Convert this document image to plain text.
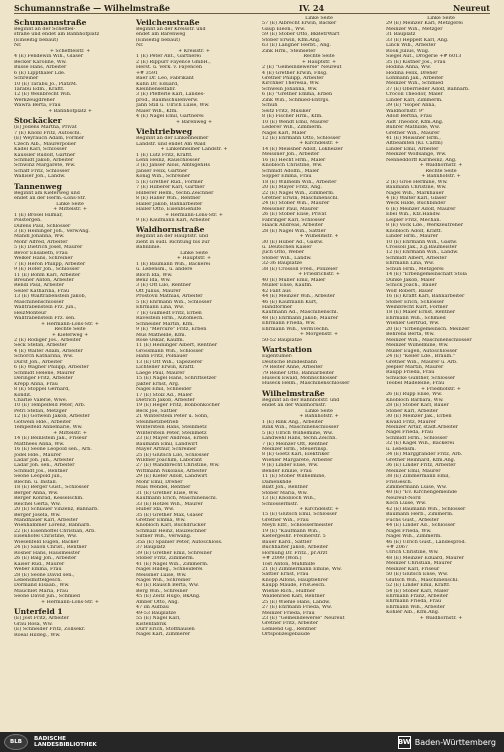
Schumannstraße — Wilhelmstraße	IV. 24	Neureut
Schumannstraße
Beginnt an der Schefflel-
straße und endet am Bahnhofplatz
(Einseitig bebaut)
Nr.
+ Schefflelstr. +
4 (E) Fendewin Wih., Glaser
Becker Karoline, Ww.
Busse Hans, Arbeiter
6 (E) Lippthaler Lde.
Schreiner
10 (E) Tarabu Jo., PlatzM.
Tarabu Edm., Kraftf.
12 (E) Weinbrecht Wih.
Werkzeugdreher
Wawra Berta, Frau
+ Bahnhofplatz +
Stockäcker
(E) Jodens Martha, Privat
7 (E) Knobl Fritz, Autoschl.
(E) Weyrauch Adam, Former
Czech Alb., Maurerpolier
Kadel Karl, Schlosser
Kaussler Rudolf, Gärtner
Schmidt Jakob, Arbeiter
Schwinz Margarete, Ww.
Schaff Fritz, Schlosser
Walliser Joh., Landw.
Tannenweg
Beginnt am Kieferweg und
endet an der Herm.-Löns-Str.
Linke Seite
+ Mittelstr. +
1 (E) Brösel Hilmar,
Polstergeh.
Dufens Paul, Schlosser
3 (E) Heininger Joh., VerwAng.
Mandl Johanna, Ww.
Mohr Alfred, Arbeiter
5 (E) Dietrich Josef, Maurer
Bevor Elisabeth, Frau
Welker Hans, Schreiner
7 (E) Heron Philipp, Arbeiter
9 (E) Hofer Joh., Schlosser
11 (E) Böhm Karl, Arbeiter
Breuner Anton, Arbeiter
Rendl Paul, Arbeiter
Seiler Katharina, Frau
13 (E) Walltrabenstein Jakob,
Maschinenschlosser
Walltrabenstein Frz. jun.,
HeizMonteur
Walltrabenstein Frz. sen.
+ Hermann-Löns-Str. +
Rechte Seite
+ Kieferweg +
2 (E) Rödiger Jos., Arbeiter
Seck Stefan, Arbeiter
4 (E) Walter Adam, Arbeiter
Schorch Katharina, Ww.
Durst Joh., Arbeiter
6 (E) Wagner Philipp, Arbeiter
Schmidt Helene, Maurer
Deringer Fritz, Arbeiter
Krepp Anna, Frau
8 (E) Stoppel Gerhard,
Kondit.
Charlie Valerie, Wwe.
10 (E) Tempelfeld Peter, Arb.
Petri Stefan, Metzger
12 (E) Gotwein Jakob, Arbeiter
Gotwein Hde., Arbeiter
Tempelfeld Annemarie, Ww.
+ Mittelstr. +
14 (E) Beinlstein Jak., Friseur
Matthees Anna, Ww.
16 (E) Seone Leopold sen., Arb.
Jodel Hde., Maurer
Ladar Joh. jun., Arbeiter
Ladar Joh. sen., Arbeiter
Schmidt Jos., Rentner
Seone Leopold jun.,
Blechn. u. Install.
18 (E) Berger Gust., Schlosser
Berger Anna, Ww.
Berger Konrad, Kesselschm.
Reichel Gerta, Ww.
20 (E) Schlauer Vinzenz, Bahnarb.
Berger Josefa, Ww.
Mandhauer Karl, Arbeiter
Wienhammer Lorenz, Bahnarb.
22 (E) Eisenhoffel Christian, Arb.
Eisenhöfel Christine, Ww.
Wiesenfeld Eugen, Bäcker
24 (E) Saxon Christ., Rentner
Rosner Hans, Hausmeister
26 (E) Balg Joh., Arbeiter
Kaiser Rud., Maurer
Weber Emma, Frau
28 (E) Seone David sen.,
Lebensmittelgesch.
Dormand Elsaab., Ww.
Mauchlet Maria, Frau
Seone David jun., Schmied
+ Hermann-Löns-Str. +
Unterfeld 1
(E) Jost Fritz, Arbeiter
Grau Rosa, Ww.
(E) Schneider Fritz, Zollsekr.
Roeal Hildeg., Ww.
Veilchenstraße
Beginnt an der Kreisstr. und
endet am Bärenweg
(Einseitig bebaut)
Nr.
+ Kreisstr. +
1 (E) Peter Ant., Gärtnerei
2 (E) Rippurr Fayence GmbH.,
Herst. u. Verk. v. Fayencen
+# 3591
Baer Dr. Leo, Fabrikant
Kuhn Dr. Eduard,
Kleinhenselfabr.
3 (E) Pfefferle Karl, Landes-
prod., Baumschulenverw.
Jahn Still u. Ulrich Luise, Ww.
Maier Wih., Kfm.
4 (E) Nagel Emil, Gärtnerei
+ Bärenweg +
Viehtriebweg
Beginnt an der Linkenheimer
Landstr. und endet Am Wald
+ Linkenheimer Landstr. +
1 (E) Lutz Fritz, Kraftf.
Lehn Heinz, Rauschlosser
3 (E) Janser Alois, AmtsgehHs
Janser Felix, Gärtner
König Wih., Schreiner
5 (E) Grether Rud., Former
7 (E) Hilberer Karl, Gärtner
Hilberer Helm., techn.Zeichner
8 (E) Haller Wih., Rentner
Haller Jakob, Bahnarbeiter
Haller Otto, EisenbGehilfe
+ Hermann-Löns-Str. +
9 (E) Kaufmann Karl, Arbeiter
Waldhornstraße
Beginnt an der Hauptstr. und
zieht in südl. Richtung bis zur
Bahnlinie.
Linke Seite
+ Hauptstr. +
1 (E) Baumann Wih., Bäckerei
u. Lebensm., u. andere
Bloch Ida, Ww.
Benz Ida, Ww.
3 (E) Ott Lilo, Rentner
Ott Julius, Maurer
Prostovil Mathias, Arbeiter
5 (E) Ehrmann Wih., Schlosser
Ehrmann Lina, Ww.
7 (E) Gulmedt Fritz, Erben
Ravestein Hrm., Automech.
Schneider Martin, Kfm.
9 (E) "Mercure" Fritz, Erben
Mus Mathelde, Kfm.
Rose Oskar, Kaufm.
11 (E) Heininger Albert, Rentner
Grossmann Wih., Schlosser
Hahn Fritz, Polhauer
13 (E) Ott Wih., Tapezierer
Lichteller Erwin, Kraftf.
Laege Paul, Maurer
15 (E) Nagel Hans, Schriftsetzer
Jakter Ernst, Arg.
Nagel Emil, Schneider
17 (E) Stolz Ad., Maler
Dietrich Jakob, Arbeiter
19 (E) Heger Fritz, Bonbonkocher
Beck Joe, Sattler
21 Winterstein Peter u. Sohn,
Steinmetzbetrieb
Winterstein Hans, Steinmetz
Winterstein Peter, Steinmetz
23 (E) Mayer Andreas, Erben
Baumann Emil, Landwirt
Mayer Arthur, Schreiner
25 (E) Glutsch Lilo, Schlosser
Wildner Joachim, Laborant
27 (E) Wandbrecht Christine, Ww.
Wittmann Nikolaus, Arbeiter
29 (E) Kiefer Adolf, Landwirt
Mohr Emil, Dreher
Mais Wendel, Rentner
31 (E) Grether Elise, Ww.
Kaufmann Erich, Maschinenschl.
33 (E) Hotzel Wih., Maurer
Huber Ida, Ww.
35 (E) Grether Max, Glaser
Grether Emma, Ww.
Knobloch Karl, Buchdrucker
Schmalz Heinz, Bauzeichner
Siltner Wih., Verwang.
35a (E) Spanier Peter, Autoschloss.
37 Bauplatz
39 (E) Grether Emil, Schreiner
Stober Fritz, Zimmerm.
41 (E) Nagel Wih., Zimmerm.
Nagel Hildeg., Schneiderei
Meissner Luise, Ww.
Nagel Wih., Schreiner
43 (E) Rausch Berta, Ww.
Berg Wih., Schreiner
45 (E) Zeitz Hugo, BkAng.
Amber Otto, Ang.
47 im Aufbau
49-53 Bauplätze
55 (E) Nagel Karl,
Kistenfabrik
Dürr Erich, Stoffhausen
Nagel Karl, Zimmerer
Linke Seite
57 (E) Albrecht Erwin, Bäcker
Gaup Eleon., Ww.
59 (E) Stober Otto, BkBetrWart
Stober Erwin, Kfm.Ang.
63 (E) Langner Herbt., Ang.
Zink Hrm., Steinseter
Rechte Seite
+ Hauptstr. +
2 (E) "Gemeindewerse" Neureut
4 (E) Grether Erwin, Fllsg.
Grether Philipp, Arbeiter
Kirchner Theresia, Ww.
Schwein Johanna, Ww.
6 (E) "Grether Emma, Erben
Zink Wih., Schmied-Entrgs.
Schuh
Seitz Fritz, Musiker
8 (E) Fischer Hrm., Kfm.
10 (E) Wendt Emil, Maurer
Lederer Wih., Zimmerm.
Nagel Karl, Maler
12 (E) Ehrmann Otto, Schlosser
+ Kirchdelstr. +
14 (E) Meissner Adolf, Lokheizer
Meissner Joh., Arbeiter
16 (E) Hecht Hrm., Maler
Knobloch Christine, Ww.
Schmidt Adolfn., Maler
Sopper Emma, Frau
18 (E) Willhelm Wih., Arbeiter
20 (E) Mayer Fritz, Ang.
22 (E) Nagel Wih., Zimmerm.
Grether Erwin, Maschinenschl.
24 (E) Stober Wih., Maurer
Meissner Paul, Maurer
26 (E) Stober Elise, Privat
Fabringer Karl, Schlosser
Haack Andreas, Arbeiter
28 (E) Nagel Wih., Sattler
+ Wilhelmstr. +
30 (E) Huber Ad., Gastw.
u. Deutschen Kaiser
Juch Otto, Weber
Stober Wih., Landw.
32-36 Bauplätze
38 (E) Crossoll Fred., Polizeier
+ Friedrichstr. +
40 (E) Müller Emil, Maler
Müller Elise, Kaufm.
42 Fällt aus
44 (E) Meinzer Wih., Arbeiter
46 (E) Kaufmann Kurt,
Handformer
Kaufmann Ad., Maschinenschl.
48 (E) Ehrmann Jakob, Maurer
Ehrmann Frieda, Ww.
Ehrmann Wih., VermTechn.
+ Morgenstr. +
50-52 Bauplätze
Wartstation
Eigentümer:
Deutsche Bundesbahn
79 Reiter Anne, Arbeiter
79 Reiner Otto, Bahnarbeiter
Huseck Ewald, Mohnschlosser
Huseck Helm., Maschinenschlosser
Wilhelmstraße
Beginnt an der Bahnhofstr. und
endet an der Waldhornstr.
Linke Seite
+ Bahnhofstr. +
1 (E) Rink Ang., Arbeiter
Rink Wih., Maschinenschlosser
5 (E) Ulrich Wilhelmine, Ww.
Landwehl Hans, techn.Zeichn.
7 (E) Meinzer Ott, Rentner
Meinzer Hrm., Steuerinsp.
8 (E) Goetz Karl, Elektriker
Wiehler Margarete, Arbeiter
9 (E) Linder Elise, Ww.
Bender Emilie, Frau
11 (E) Stober Wilhelmine,
Damenkhde
Blatt Joh., Rentner
Stober Maria, Ww.
13 (E) Knobloch Wih.,
Schlossermstr.
+ Kirchdelstr. +
15 (E) Glutsch Emil, Schlosser
Grether Wih., Frau
Meyn Elfr., Schlossermeister
19 (E) "Kaufmann Wih.,
Kiefergeshr. Freimerstr. 5
Bauer Kard., Sattler
Buchhalter Jakob, Arbeiter
Hornung Dr. Fritz., pr.Arzt
+# 2099 (Woh.)
Tost Anton, Mühlhilfe
21 (E) Zimmermann Emilie, Ww.
Sattler Ernst, Frau
Knopp Alfons, Hauptlehrer
Kaupp Maude, FrisGesch.
Wiehle Rich., Hülfner
Waldenried Karl, Rentner
25 (E) Wiehle Hans, Landw.
27 (E) Ehrmann Frieda, Ww.
Meinzer Frieda, Frau
23 (E) "Gemeindewerse" Neureut
Grether Fritz, Arbeiter
Lemlend Gg., Rentner
Ortspolizeigebäude
Linke Seite
29 (E) Meinzer Karl, Metzgerei
Meinzer Wih., Metzger
31 Bauplatz
33 (E) Heppelt Karl, Ang.
Linck Wih., Arbeiter
Rook Julius, Wiig.
Siegel Aut., Drogerie +# 6013
35 (E) Kistner Jos., Frau
Hodina Anna, Ww.
Hodina Felix, Dreher
Lohmann Jak., Arbeiter
Meinzer Wih., Schmied
37 (E) Oberrieder Adolf, Bahnarb.
Crocoll Theodor, Maler
Linder Karl, Zimmerm.
39 (E) "Hoper Anna,
Waldhornstr. 9"
Adolf Bertha, Frau
Aidt Theodor, Kfm.Ang.
Bührer Mathilde, Ww.
Grether Wih., Maurer
41 (E) Meissner Hrm.,
Altbeamten (Kl. Caltm)
Linder Emil, Arbeiter
Meinzer Wolfsange, Ww.
Nenneddorff Karlheinz, Ang.
+ Waldhornstr. +
Rechte Seite
+ Bahnhofstr. +
2 (E) Groe Hermine, Ww.
Baumann Christine, Ww.
Nagel Wih., Markhauer
4 (E) Walter Karl, Glaser
Weck Hilde, Buchbinder
6 (E) Meinzer Adolf, Maurer
Ebel Wih., Kfz.Handw.
Leipler Fritz, Mechan.
8 (E) Vock Lde., Werkzeutreher
Knobloch Adolf, Kraftf.
Linder Hrm., Maurer
10 (E) Ehrmann Wih., Gastw.
Crossoll Jak., z.g.Baumeister
12 (E) Ehrmann Wih., Landw.
Schmidt Albert, Arbeiter
Ehrmann Lina, Ww.
Schuh Hrm., Metzgerei
14 (E) "Erbengemeinschaft Stola
Dunke Jakob, Maler
Schick Joach., Bauer
Wolf Robert, Bauer
16 (E) Krafft Karl, Bahnarbeiter
Stober Erich, Schlosser
Weinbrecht Kurt, Former
18 (E) Maier Ernst, Rentner
Ehrmann Wih., Schmied
Wiehler Gertrud, Ww.
20 (E) "Erbengemeinsch. Meinzer
Behrens Berta, Ww.
Meinzer Wih., Maschinenschlosser
Meinzer Wilhelmine, Ww.
Müller Eugen, Autoschlosser
24 (E) "Keller Lde., Braum."
Grether Wih., Maurer u. Arb.
Jeepler Martin, Maurer
Raupp Frieda, Frau
Schücke Günther, Schlosser
Teobel Madeleine, Frau
+ Friedhofstr. +
26 (E) Rupp Elise, Ww.
Knobloch Barbara, Ww.
28 (E) Stober Karl, Bauer
Stober Karl, Arbeiter
30 (E) Meinzer Jak., Erben
Kwald Fritz, Maurer
Meinzer Artur, städt.Arbeiter
Nagel Frieda, Frau
Schmidt Hrm., Schlosser
32 (E) Kagel Wih., Bäckerei
u. Lebensm.
34 (E) Marggrander Fritz, Arb.
Grether Reinhard, Kfm.Ang.
36 (E) Linder Fritz, Arbeiter
Meinzer Emil, Maurer
38 (E) Zimmermann Emil,
FrisGesch.
Zimmermann Luise, Ww.
40 (E) "Ev. Kirchengemeinde
Neureut-Nord
Koch Luise, Ww.
42 (E) Baumann Wih., Schlosser
Baumann Herb., Zimmerm.
Fuchs Gust., Arbeiter
44 (E) Linder Ad., Schlosser
Nagel Frieda, Ww.
Nagel Wih., Zimmerm.
46 (E) Ulrich Gust., Landesprod.
+# 2067
Ulrich Christine, Ww.
48 (E) Meinzer Eduard, Maurer
Meinzer Christian, Maurer
Meinzer Karl, Friseur
50 (E) Glutsch Elise, Ww.
Glutsch Wih., Maschinenschl.
52 (E) Linder Emil, Kraftf.
54 (E) Stober Karl, Maler
Ehrmann Franz, Arbeiter
Ehrmann Frieda, Frau
Ehrmann Wih., Arbeiter
Köhler Alb., Kfm.Ang.
+ Waldhornstr. +
BLB
BADISCHE
LANDESBIBLIOTHEK	BW Baden-Württemberg
